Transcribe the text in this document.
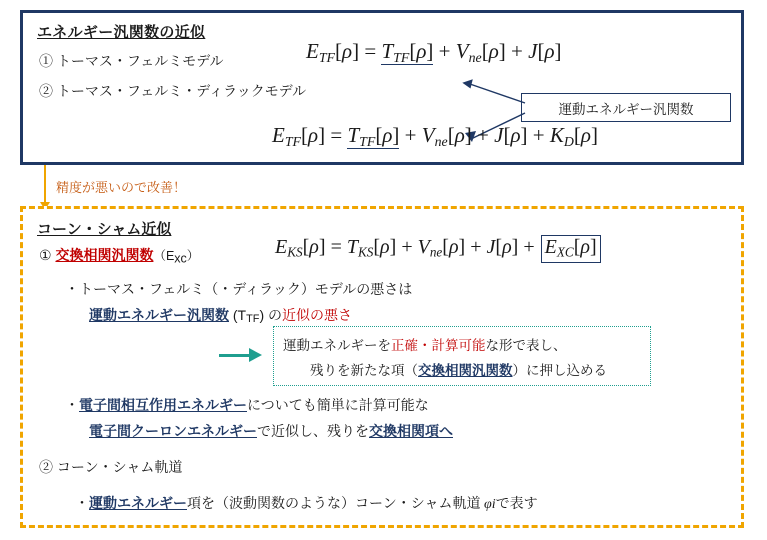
エネルギー汎関数の近似
① トーマス・フェルミモデル
② トーマス・フェルミ・ディラックモデル
$E_{TF}[\rho] = T_{TF}[\rho] + V_{ne}[\rho] + J[\rho]$
運動エネルギー汎関数
$E_{TF}[\rho] = T_{TF}[\rho] + V_{ne}[\rho] + J[\rho] + K_D[\rho]$
精度が悪いので改善！
コーン・シャム近似
① 交換相関汎関数（Exc）	$E_{KS}[\rho] = T_{KS}[\rho] + V_{ne}[\rho] + J[\rho] + E_{XC}[\rho]$
・トーマス・フェルミ（・ディラック）モデルの悪さは
運動エネルギー汎関数 (TTF) の近似の悪さ
運動エネルギーを正確・計算可能な形で表し、
残りを新たな項（交換相関汎関数）に押し込める
・電子間相互作用エネルギーについても簡単に計算可能な
電子間クーロンエネルギーで近似し、残りを交換相関項へ
② コーン・シャム軌道
・運動エネルギー項を（波動関数のような）コーン・シャム軌道 φiで表す
